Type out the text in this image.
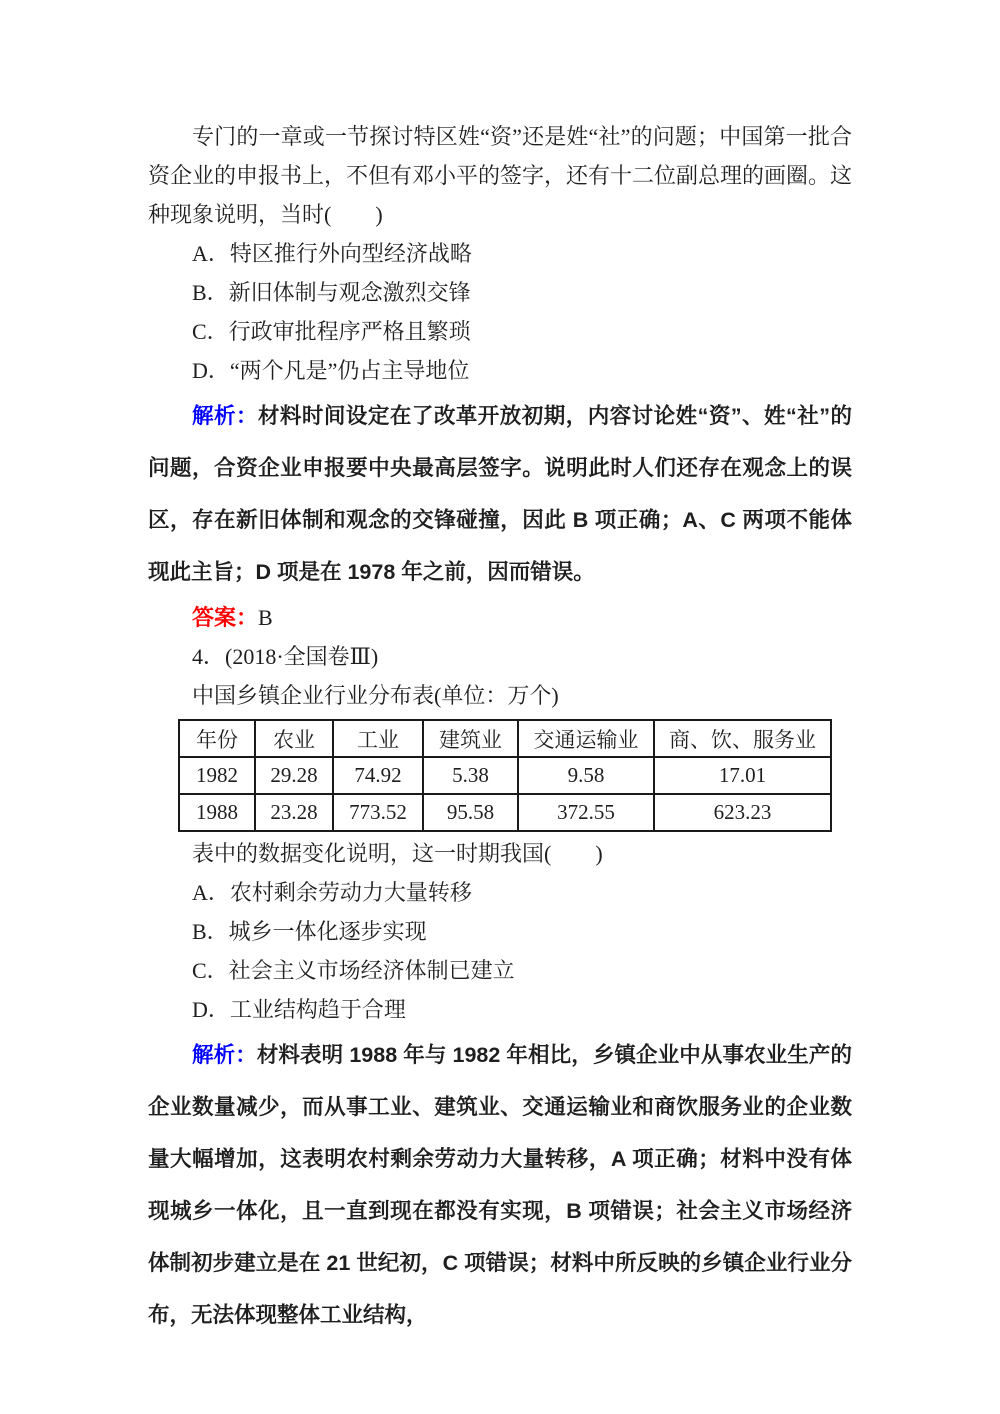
专门的一章或一节探讨特区姓“资”还是姓“社”的问题；中国第一批合资企业的申报书上，不但有邓小平的签字，还有十二位副总理的画圈。这种现象说明，当时(　　)

A．特区推行外向型经济战略

B．新旧体制与观念激烈交锋

C．行政审批程序严格且繁琐

D．“两个凡是”仍占主导地位

解析：材料时间设定在了改革开放初期，内容讨论姓“资”、姓“社”的问题，合资企业申报要中央最高层签字。说明此时人们还存在观念上的误区，存在新旧体制和观念的交锋碰撞，因此 B 项正确；A、C 两项不能体现此主旨；D 项是在 1978 年之前，因而错误。

答案：B

4．(2018·全国卷Ⅲ)

中国乡镇企业行业分布表(单位：万个)

年份	农业	工业	建筑业	交通运输业	商、饮、服务业
1982	29.28	74.92	5.38	9.58	17.01
1988	23.28	773.52	95.58	372.55	623.23

表中的数据变化说明，这一时期我国(　　)

A．农村剩余劳动力大量转移

B．城乡一体化逐步实现

C．社会主义市场经济体制已建立

D．工业结构趋于合理

解析：材料表明 1988 年与 1982 年相比，乡镇企业中从事农业生产的企业数量减少，而从事工业、建筑业、交通运输业和商饮服务业的企业数量大幅增加，这表明农村剩余劳动力大量转移，A 项正确；材料中没有体现城乡一体化，且一直到现在都没有实现，B 项错误；社会主义市场经济体制初步建立是在 21 世纪初，C 项错误；材料中所反映的乡镇企业行业分布，无法体现整体工业结构，
